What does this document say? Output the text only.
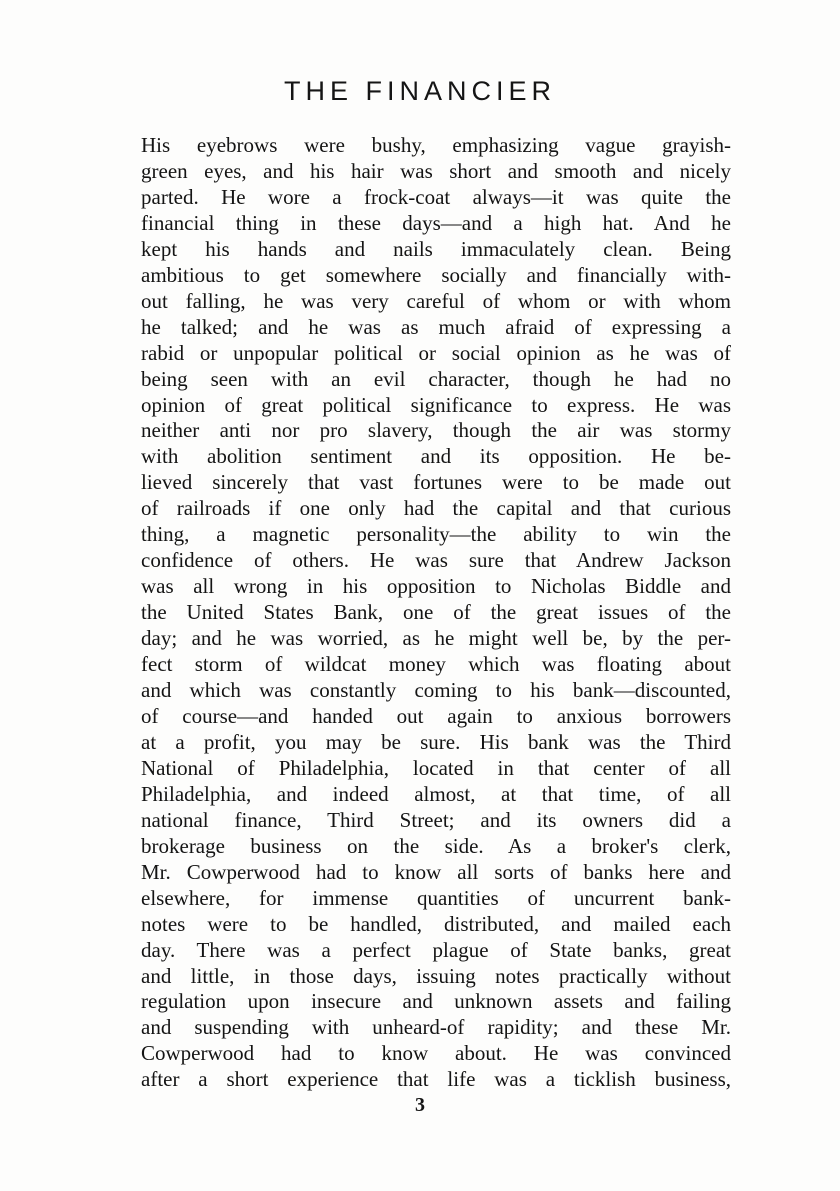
THE FINANCIER
His eyebrows were bushy, emphasizing vague grayish-
green eyes, and his hair was short and smooth and nicely
parted. He wore a frock-coat always—it was quite the
financial thing in these days—and a high hat. And he
kept his hands and nails immaculately clean. Being
ambitious to get somewhere socially and financially with-
out falling, he was very careful of whom or with whom
he talked; and he was as much afraid of expressing a
rabid or unpopular political or social opinion as he was of
being seen with an evil character, though he had no
opinion of great political significance to express. He was
neither anti nor pro slavery, though the air was stormy
with abolition sentiment and its opposition. He be-
lieved sincerely that vast fortunes were to be made out
of railroads if one only had the capital and that curious
thing, a magnetic personality—the ability to win the
confidence of others. He was sure that Andrew Jackson
was all wrong in his opposition to Nicholas Biddle and
the United States Bank, one of the great issues of the
day; and he was worried, as he might well be, by the per-
fect storm of wildcat money which was floating about
and which was constantly coming to his bank—discounted,
of course—and handed out again to anxious borrowers
at a profit, you may be sure. His bank was the Third
National of Philadelphia, located in that center of all
Philadelphia, and indeed almost, at that time, of all
national finance, Third Street; and its owners did a
brokerage business on the side. As a broker's clerk,
Mr. Cowperwood had to know all sorts of banks here and
elsewhere, for immense quantities of uncurrent bank-
notes were to be handled, distributed, and mailed each
day. There was a perfect plague of State banks, great
and little, in those days, issuing notes practically without
regulation upon insecure and unknown assets and failing
and suspending with unheard-of rapidity; and these Mr.
Cowperwood had to know about. He was convinced
after a short experience that life was a ticklish business,
3
